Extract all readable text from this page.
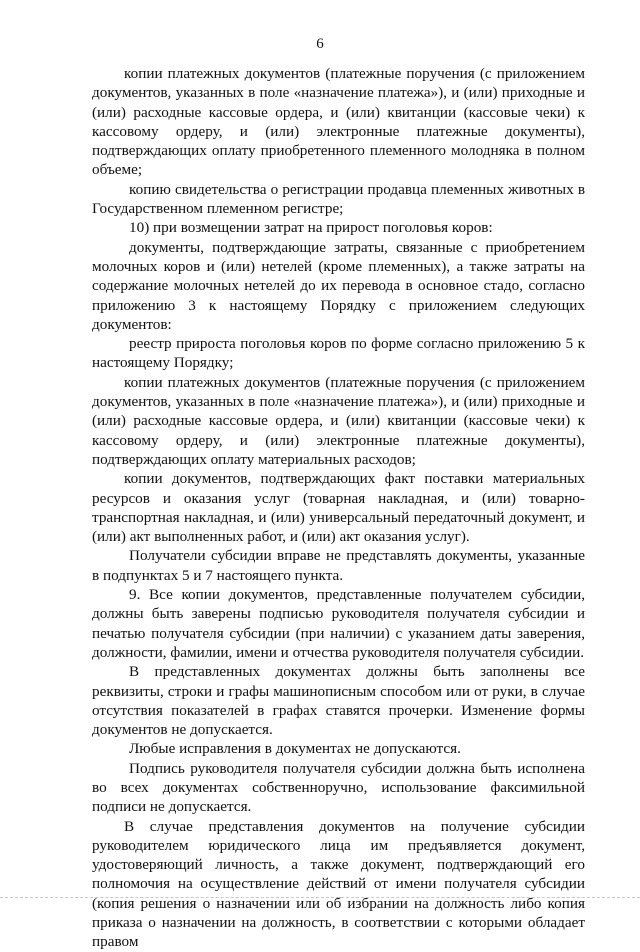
6

копии платежных документов (платежные поручения (с приложением документов, указанных в поле «назначение платежа»), и (или) приходные и (или) расходные кассовые ордера, и (или) квитанции (кассовые чеки) к кассовому ордеру, и (или) электронные платежные документы), подтверждающих оплату приобретенного племенного молодняка в полном объеме;

копию свидетельства о регистрации продавца племенных животных в Государственном племенном регистре;

10) при возмещении затрат на прирост поголовья коров:

документы, подтверждающие затраты, связанные с приобретением молочных коров и (или) нетелей (кроме племенных), а также затраты на содержание молочных нетелей до их перевода в основное стадо, согласно приложению 3 к настоящему Порядку с приложением следующих документов:

реестр прироста поголовья коров по форме согласно приложению 5 к настоящему Порядку;

копии платежных документов (платежные поручения (с приложением документов, указанных в поле «назначение платежа»), и (или) приходные и (или) расходные кассовые ордера, и (или) квитанции (кассовые чеки) к кассовому ордеру, и (или) электронные платежные документы), подтверждающих оплату материальных расходов;

копии документов, подтверждающих факт поставки материальных ресурсов и оказания услуг (товарная накладная, и (или) товарно-транспортная накладная, и (или) универсальный передаточный документ, и (или) акт выполненных работ, и (или) акт оказания услуг).

Получатели субсидии вправе не представлять документы, указанные в подпунктах 5 и 7 настоящего пункта.

9. Все копии документов, представленные получателем субсидии, должны быть заверены подписью руководителя получателя субсидии и печатью получателя субсидии (при наличии) с указанием даты заверения, должности, фамилии, имени и отчества руководителя получателя субсидии.

В представленных документах должны быть заполнены все реквизиты, строки и графы машинописным способом или от руки, в случае отсутствия показателей в графах ставятся прочерки. Изменение формы документов не допускается.

Любые исправления в документах не допускаются.

Подпись руководителя получателя субсидии должна быть исполнена во всех документах собственноручно, использование факсимильной подписи не допускается.

В случае представления документов на получение субсидии руководителем юридического лица им предъявляется документ, удостоверяющий личность, а также документ, подтверждающий его полномочия на осуществление действий от имени получателя субсидии (копия решения о назначении или об избрании на должность либо копия приказа о назначении на должность, в соответствии с которыми обладает правом
